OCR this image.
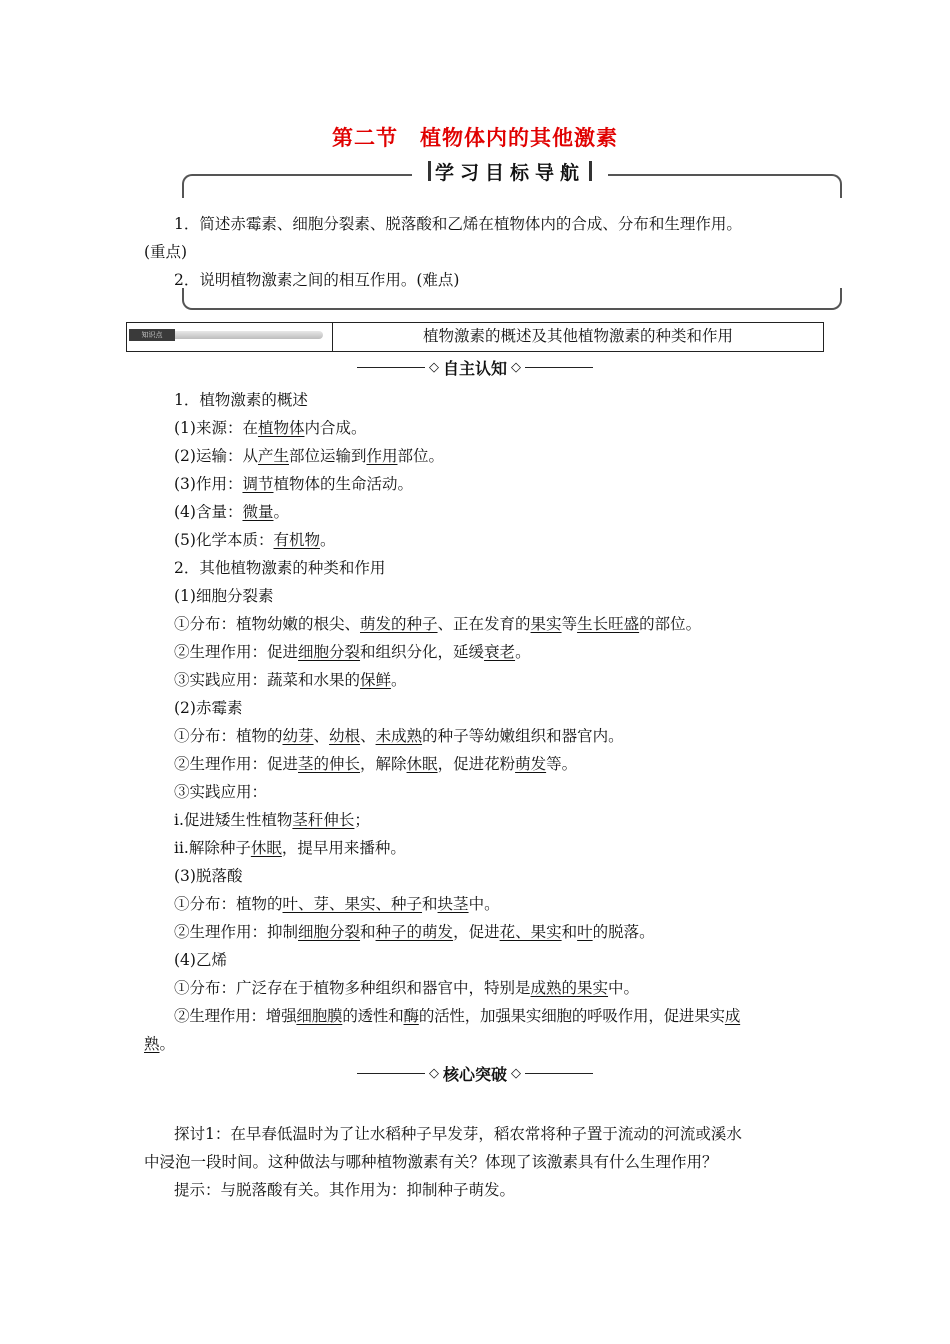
第二节 植物体内的其他激素
学习目标导航
1．简述赤霉素、细胞分裂素、脱落酸和乙烯在植物体内的合成、分布和生理作用。
(重点)
2．说明植物激素之间的相互作用。(难点)
知识点	植物激素的概述及其他植物激素的种类和作用
◇ 自主认知 ◇
1．植物激素的概述
(1)来源：在植物体内合成。
(2)运输：从产生部位运输到作用部位。
(3)作用：调节植物体的生命活动。
(4)含量：微量。
(5)化学本质：有机物。
2．其他植物激素的种类和作用
(1)细胞分裂素
①分布：植物幼嫩的根尖、萌发的种子、正在发育的果实等生长旺盛的部位。
②生理作用：促进细胞分裂和组织分化，延缓衰老。
③实践应用：蔬菜和水果的保鲜。
(2)赤霉素
①分布：植物的幼芽、幼根、未成熟的种子等幼嫩组织和器官内。
②生理作用：促进茎的伸长，解除休眠，促进花粉萌发等。
③实践应用：
ⅰ.促进矮生性植物茎秆伸长；
ⅱ.解除种子休眠，提早用来播种。
(3)脱落酸
①分布：植物的叶、芽、果实、种子和块茎中。
②生理作用：抑制细胞分裂和种子的萌发，促进花、果实和叶的脱落。
(4)乙烯
①分布：广泛存在于植物多种组织和器官中，特别是成熟的果实中。
②生理作用：增强细胞膜的透性和酶的活性，加强果实细胞的呼吸作用，促进果实成
熟。
◇ 核心突破 ◇
探讨1：在早春低温时为了让水稻种子早发芽，稻农常将种子置于流动的河流或溪水
中浸泡一段时间。这种做法与哪种植物激素有关？体现了该激素具有什么生理作用？
提示：与脱落酸有关。其作用为：抑制种子萌发。
